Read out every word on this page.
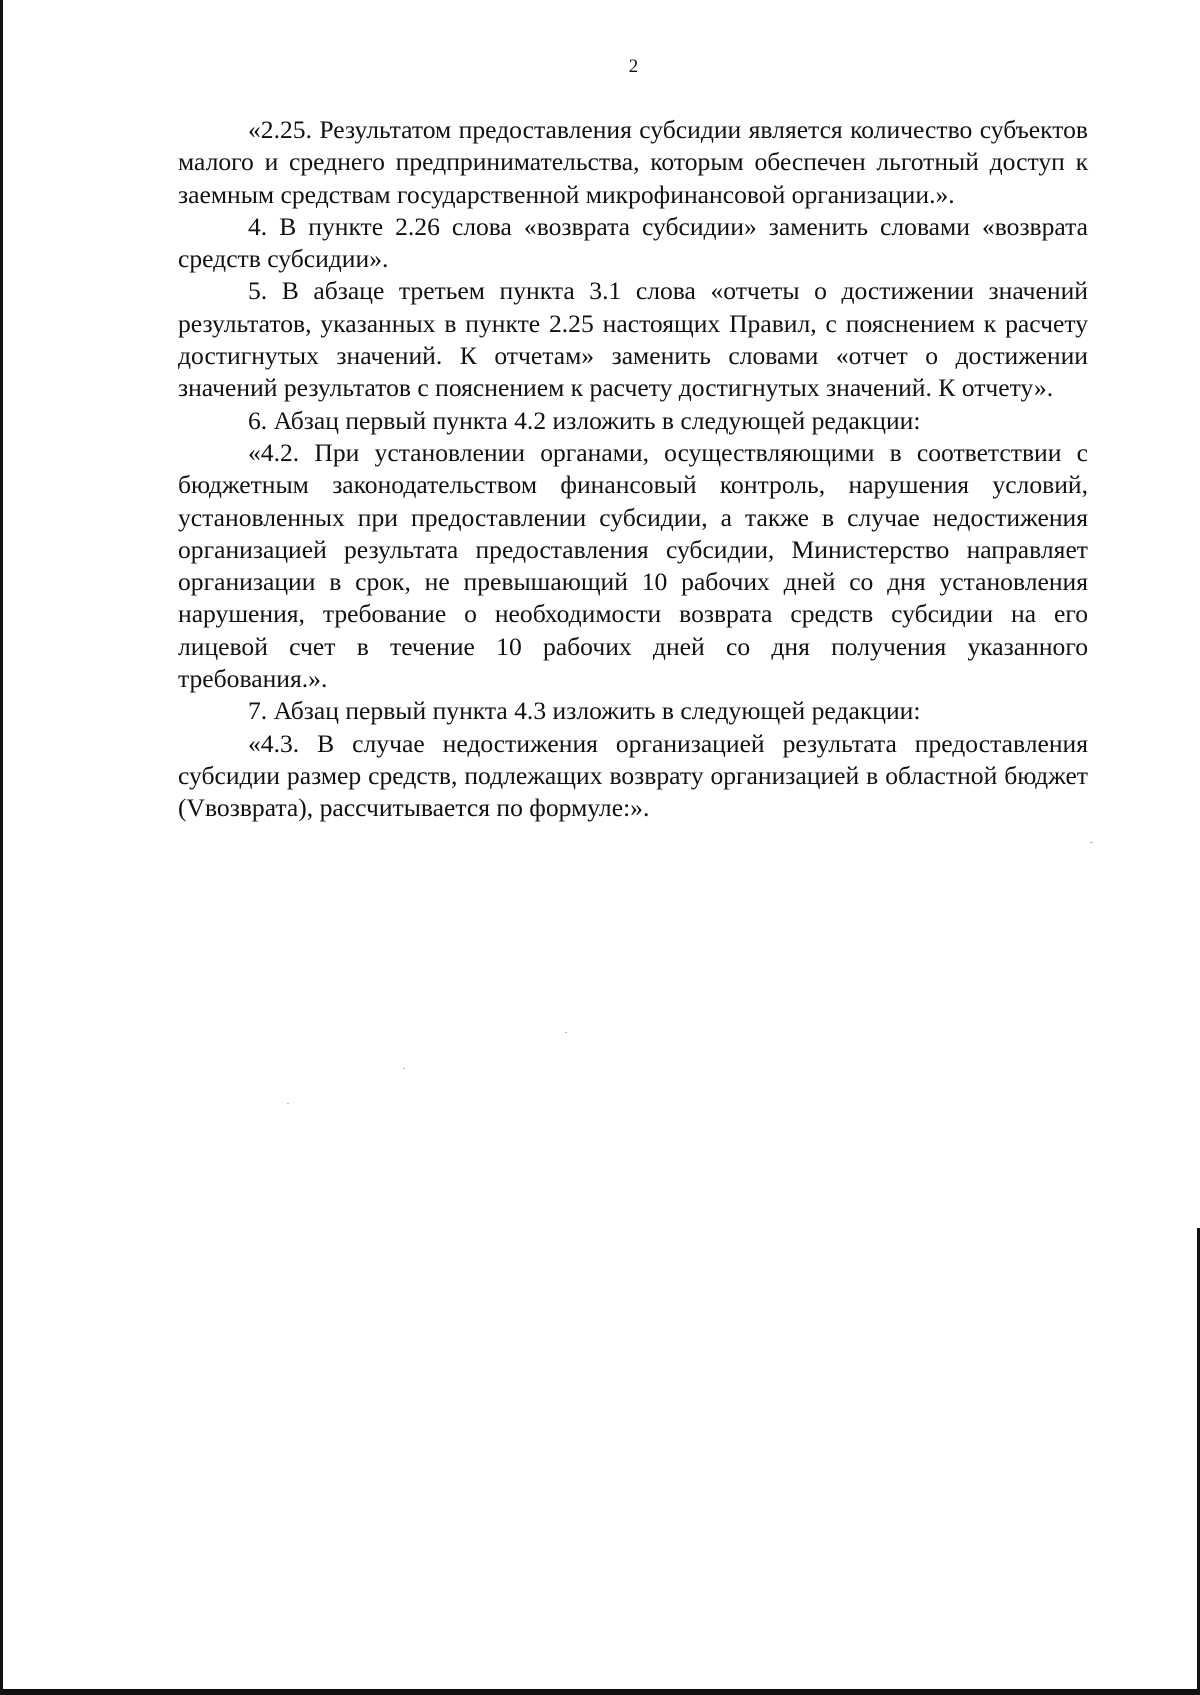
2

«2.25. Результатом предоставления субсидии является количество субъектов малого и среднего предпринимательства, которым обеспечен льготный доступ к заемным средствам государственной микрофинансовой организации.».

4. В пункте 2.26 слова «возврата субсидии» заменить словами «возврата средств субсидии».

5. В абзаце третьем пункта 3.1 слова «отчеты о достижении значений результатов, указанных в пункте 2.25 настоящих Правил, с пояснением к расчету достигнутых значений. К отчетам» заменить словами «отчет о достижении значений результатов с пояснением к расчету достигнутых значений. К отчету».

6. Абзац первый пункта 4.2 изложить в следующей редакции:

«4.2. При установлении органами, осуществляющими в соответствии с бюджетным законодательством финансовый контроль, нарушения условий, установленных при предоставлении субсидии, а также в случае недостижения организацией результата предоставления субсидии, Министерство направляет организации в срок, не превышающий 10 рабочих дней со дня установления нарушения, требование о необходимости возврата средств субсидии на его лицевой счет в течение 10 рабочих дней со дня получения указанного требования.».

7. Абзац первый пункта 4.3 изложить в следующей редакции:

«4.3. В случае недостижения организацией результата предоставления субсидии размер средств, подлежащих возврату организацией в областной бюджет (Vвозврата), рассчитывается по формуле:».
